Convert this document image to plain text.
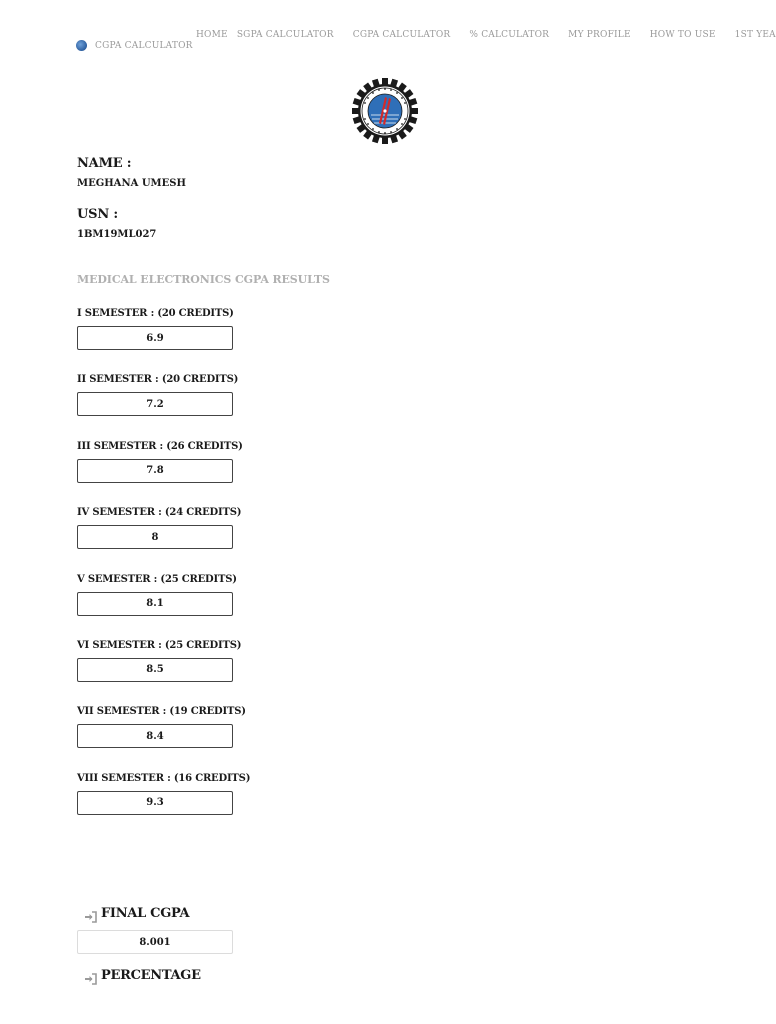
CGPA CALCULATOR
HOME SGPA CALCULATOR CGPA CALCULATOR % CALCULATOR MY PROFILE HOW TO USE 1ST YEA

NAME :

MEGHANA UMESH

USN :

1BM19ML027

MEDICAL ELECTRONICS CGPA RESULTS
I SEMESTER : (20 CREDITS)
6.9
II SEMESTER : (20 CREDITS)
7.2
III SEMESTER : (26 CREDITS)
7.8
IV SEMESTER : (24 CREDITS)
8
V SEMESTER : (25 CREDITS)
8.1
VI SEMESTER : (25 CREDITS)
8.5
VII SEMESTER : (19 CREDITS)
8.4
VIII SEMESTER : (16 CREDITS)
9.3
FINAL CGPA
8.001
PERCENTAGE
